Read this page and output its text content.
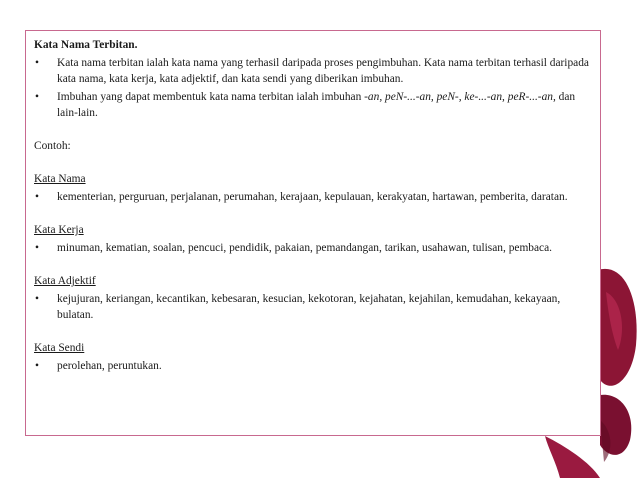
Kata Nama Terbitan.

• Kata nama terbitan ialah kata nama yang terhasil daripada proses pengimbuhan. Kata nama terbitan terhasil daripada kata nama, kata kerja, kata adjektif, dan kata sendi yang diberikan imbuhan.
• Imbuhan yang dapat membentuk kata nama terbitan ialah imbuhan -an, peN-...-an, peN-, ke-...-an, peR-...-an, dan lain-lain.

Contoh:

Kata Nama

• kementerian, perguruan, perjalanan, perumahan, kerajaan, kepulauan, kerakyatan, hartawan, pemberita, daratan.

Kata Kerja

• minuman, kematian, soalan, pencuci, pendidik, pakaian, pemandangan, tarikan, usahawan, tulisan, pembaca.

Kata Adjektif

• kejujuran, keriangan, kecantikan, kebesaran, kesucian, kekotoran, kejahatan, kejahilan, kemudahan, kekayaan, bulatan.

Kata Sendi

• perolehan, peruntukan.
